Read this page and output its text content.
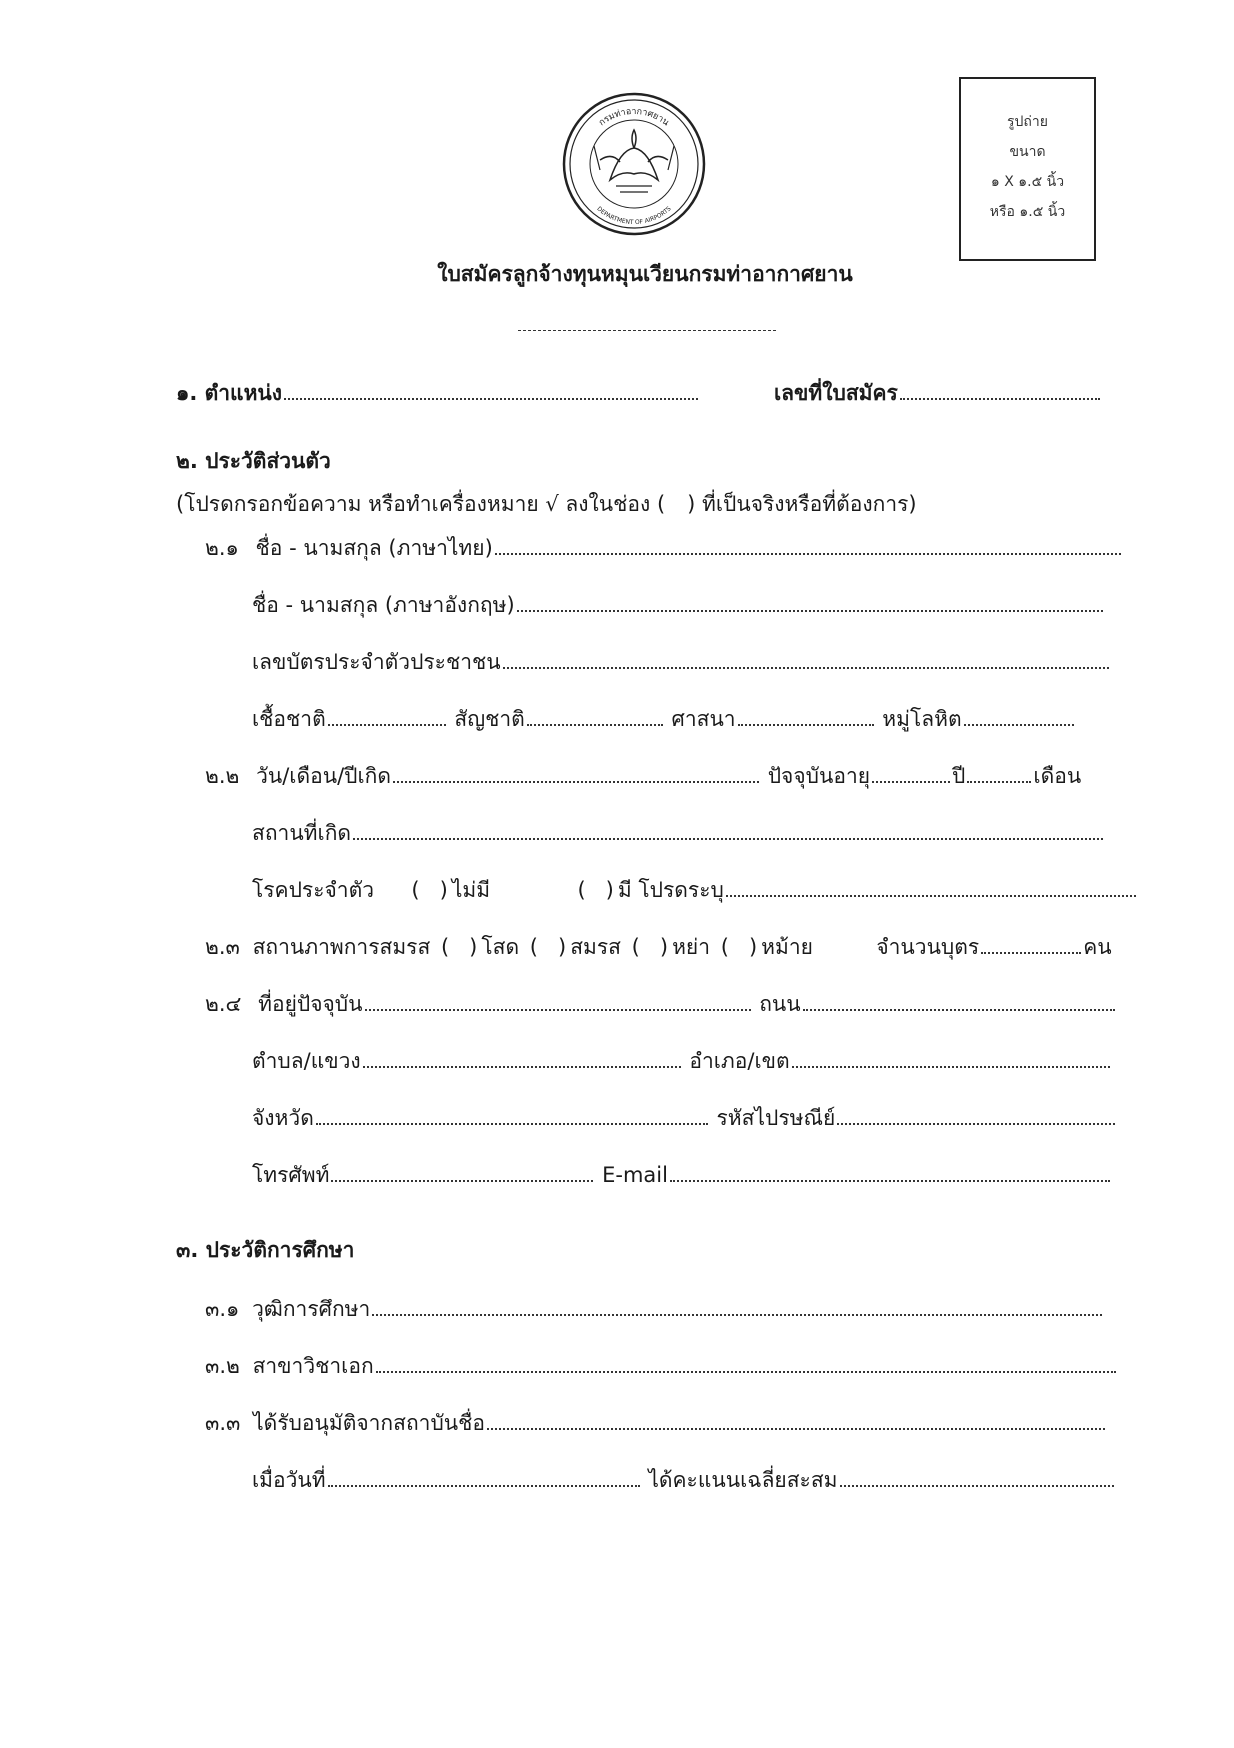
กรมท่าอากาศยาน
DEPARTMENT OF AIRPORTS
รูปถ่าย
ขนาด
๑ X ๑.๕ นิ้ว
หรือ ๑.๕ นิ้ว
ใบสมัครลูกจ้างทุนหมุนเวียนกรมท่าอากาศยาน
๑. ตำแหน่ง	เลขที่ใบสมัคร
๒. ประวัติส่วนตัว
(โปรดกรอกข้อความ หรือทำเครื่องหมาย √ ลงในช่อง ( ) ที่เป็นจริงหรือที่ต้องการ)
๒.๑ ชื่อ - นามสกุล (ภาษาไทย)
ชื่อ - นามสกุล (ภาษาอังกฤษ)
เลขบัตรประจำตัวประชาชน
เชื้อชาติ	สัญชาติ	ศาสนา	หมู่โลหิต
๒.๒ วัน/เดือน/ปีเกิด	ปัจจุบันอายุ	ปี	เดือน
สถานที่เกิด
โรคประจำตัว (   ) ไม่มี	(   ) มี โปรดระบุ
๒.๓ สถานภาพการสมรส (   ) โสด (   ) สมรส (   ) หย่า (   ) หม้าย	จำนวนบุตร	คน
๒.๔ ที่อยู่ปัจจุบัน	ถนน
ตำบล/แขวง	อำเภอ/เขต
จังหวัด	รหัสไปรษณีย์
โทรศัพท์	E-mail
๓. ประวัติการศึกษา
๓.๑ วุฒิการศึกษา
๓.๒ สาขาวิชาเอก
๓.๓ ได้รับอนุมัติจากสถาบันชื่อ
เมื่อวันที่	ได้คะแนนเฉลี่ยสะสม
